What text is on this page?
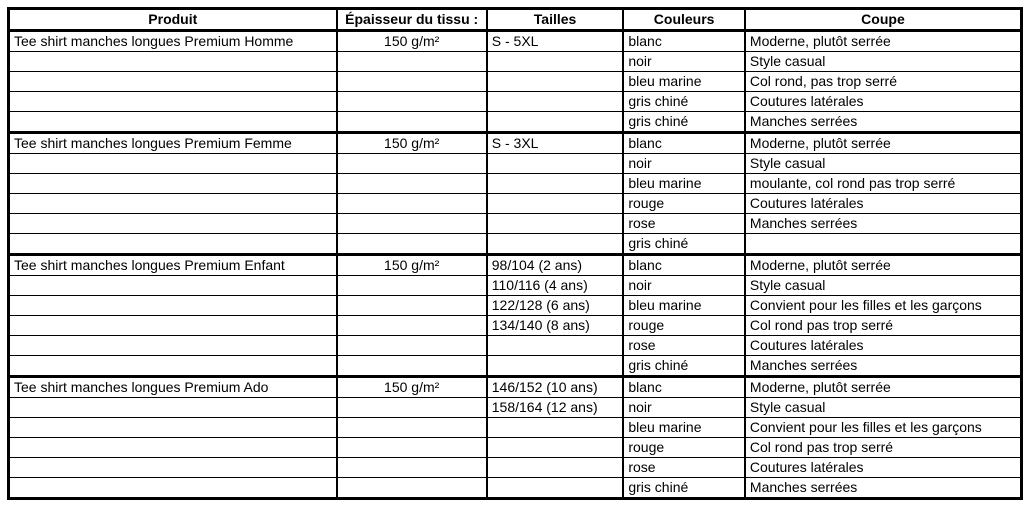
Produit	Épaisseur du tissu :	Tailles	Couleurs	Coupe
Tee shirt manches longues Premium Homme	150 g/m²	S - 5XL	blanc	Moderne, plutôt serrée
			noir	Style casual
			bleu marine	Col rond, pas trop serré
			gris chiné	Coutures latérales
			gris chiné	Manches serrées
Tee shirt manches longues Premium Femme	150 g/m²	S - 3XL	blanc	Moderne, plutôt serrée
			noir	Style casual
			bleu marine	moulante, col rond pas trop serré
			rouge	Coutures latérales
			rose	Manches serrées
			gris chiné	
Tee shirt manches longues Premium Enfant	150 g/m²	98/104 (2 ans)	blanc	Moderne, plutôt serrée
		110/116 (4 ans)	noir	Style casual
		122/128 (6 ans)	bleu marine	Convient pour les filles et les garçons
		134/140 (8 ans)	rouge	Col rond pas trop serré
			rose	Coutures latérales
			gris chiné	Manches serrées
Tee shirt manches longues Premium Ado	150 g/m²	146/152 (10 ans)	blanc	Moderne, plutôt serrée
		158/164 (12 ans)	noir	Style casual
			bleu marine	Convient pour les filles et les garçons
			rouge	Col rond pas trop serré
			rose	Coutures latérales
			gris chiné	Manches serrées
